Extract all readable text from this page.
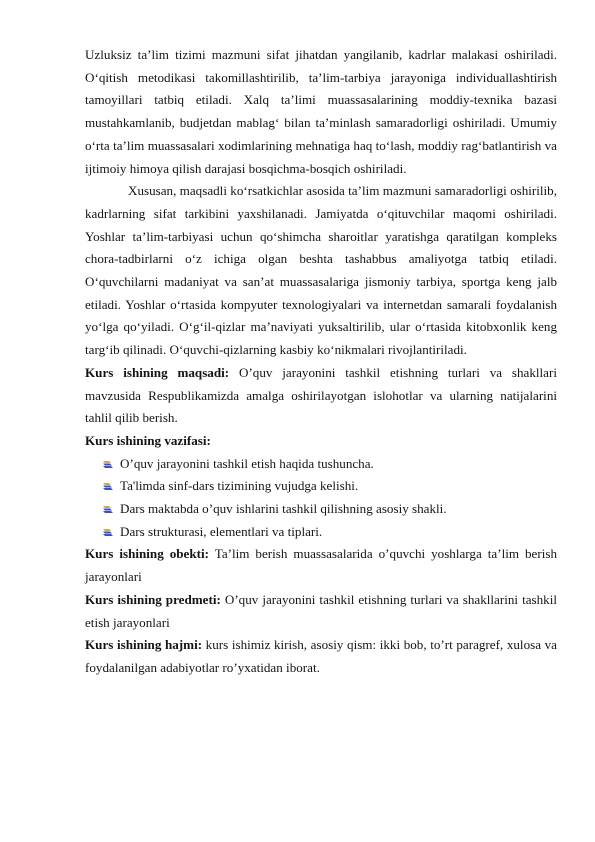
Uzluksiz ta’lim tizimi mazmuni sifat jihatdan yangilanib, kadrlar malakasi oshiriladi. O‘qitish metodikasi takomillashtirilib, ta’lim-tarbiya jarayoniga individuallashtirish tamoyillari tatbiq etiladi. Xalq ta’limi muassasalarining moddiy-texnika bazasi mustahkamlanib, budjetdan mablag‘ bilan ta’minlash samaradorligi oshiriladi. Umumiy o‘rta ta’lim muassasalari xodimlarining mehnatiga haq to‘lash, moddiy rag‘batlantirish va ijtimoiy himoya qilish darajasi bosqichma-bosqich oshiriladi.

Xususan, maqsadli ko‘rsatkichlar asosida ta’lim mazmuni samaradorligi oshirilib, kadrlarning sifat tarkibini yaxshilanadi. Jamiyatda o‘qituvchilar maqomi oshiriladi. Yoshlar ta’lim-tarbiyasi uchun qo‘shimcha sharoitlar yaratishga qaratilgan kompleks chora-tadbirlarni o‘z ichiga olgan beshta tashabbus amaliyotga tatbiq etiladi. O‘quvchilarni madaniyat va san’at muassasalariga jismoniy tarbiya, sportga keng jalb etiladi. Yoshlar o‘rtasida kompyuter texnologiyalari va internetdan samarali foydalanish yo‘lga qo‘yiladi. O‘g‘il-qizlar ma’naviyati yuksaltirilib, ular o‘rtasida kitobxonlik keng targ‘ib qilinadi. O‘quvchi-qizlarning kasbiy ko‘nikmalari rivojlantiriladi.

Kurs ishining maqsadi: O’quv jarayonini tashkil etishning turlari va shakllari mavzusida Respublikamizda amalga oshirilayotgan islohotlar va ularning natijalarini tahlil qilib berish.

Kurs ishining vazifasi:
O’quv jarayonini tashkil etish haqida tushuncha.
Ta'limda sinf-dars tizimining vujudga kelishi.
Dars maktabda o’quv ishlarini tashkil qilishning asosiy shakli.
Dars strukturasi, elementlari va tiplari.

Kurs ishining obekti: Ta’lim berish muassasalarida o’quvchi yoshlarga ta’lim berish jarayonlari

Kurs ishining predmeti: O’quv jarayonini tashkil etishning turlari va shakllarini tashkil etish jarayonlari

Kurs ishining hajmi: kurs ishimiz kirish, asosiy qism: ikki bob, to’rt paragref, xulosa va foydalanilgan adabiyotlar ro’yxatidan iborat.
